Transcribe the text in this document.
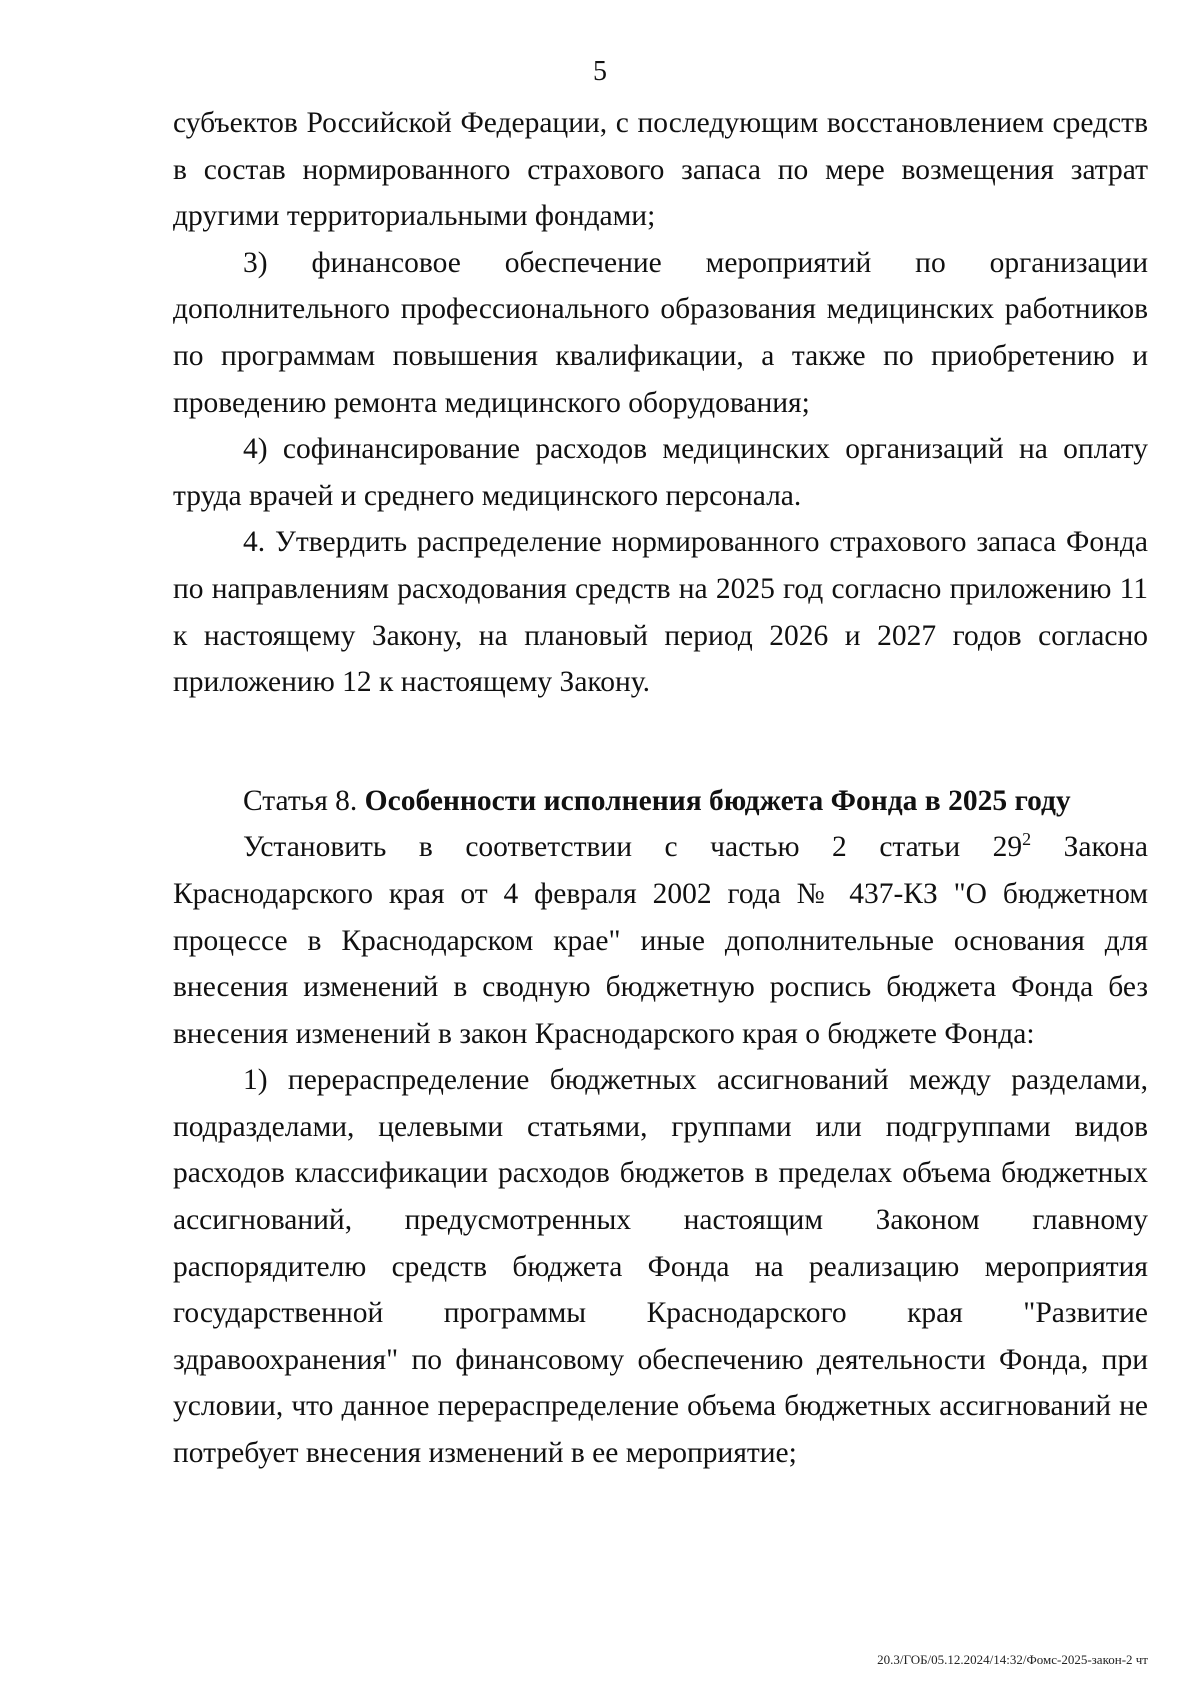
5

субъектов Российской Федерации, с последующим восстановлением средств в состав нормированного страхового запаса по мере возмещения затрат другими территориальными фондами;

3) финансовое обеспечение мероприятий по организации дополнительного профессионального образования медицинских работников по программам повышения квалификации, а также по приобретению и проведению ремонта медицинского оборудования;

4) софинансирование расходов медицинских организаций на оплату труда врачей и среднего медицинского персонала.

4. Утвердить распределение нормированного страхового запаса Фонда по направлениям расходования средств на 2025 год согласно приложению 11 к настоящему Закону, на плановый период 2026 и 2027 годов согласно приложению 12 к настоящему Закону.

Статья 8. Особенности исполнения бюджета Фонда в 2025 году

Установить в соответствии с частью 2 статьи $29^2$ Закона Краснодарского края от 4 февраля 2002 года № 437-КЗ "О бюджетном процессе в Краснодарском крае" иные дополнительные основания для внесения изменений в сводную бюджетную роспись бюджета Фонда без внесения изменений в закон Краснодарского края о бюджете Фонда:

1) перераспределение бюджетных ассигнований между разделами, подразделами, целевыми статьями, группами или подгруппами видов расходов классификации расходов бюджетов в пределах объема бюджетных ассигнований, предусмотренных настоящим Законом главному распорядителю средств бюджета Фонда на реализацию мероприятия государственной программы Краснодарского края "Развитие здравоохранения" по финансовому обеспечению деятельности Фонда, при условии, что данное перераспределение объема бюджетных ассигнований не потребует внесения изменений в ее мероприятие;

20.3/ГОБ/05.12.2024/14:32/Фомс-2025-закон-2 чт
